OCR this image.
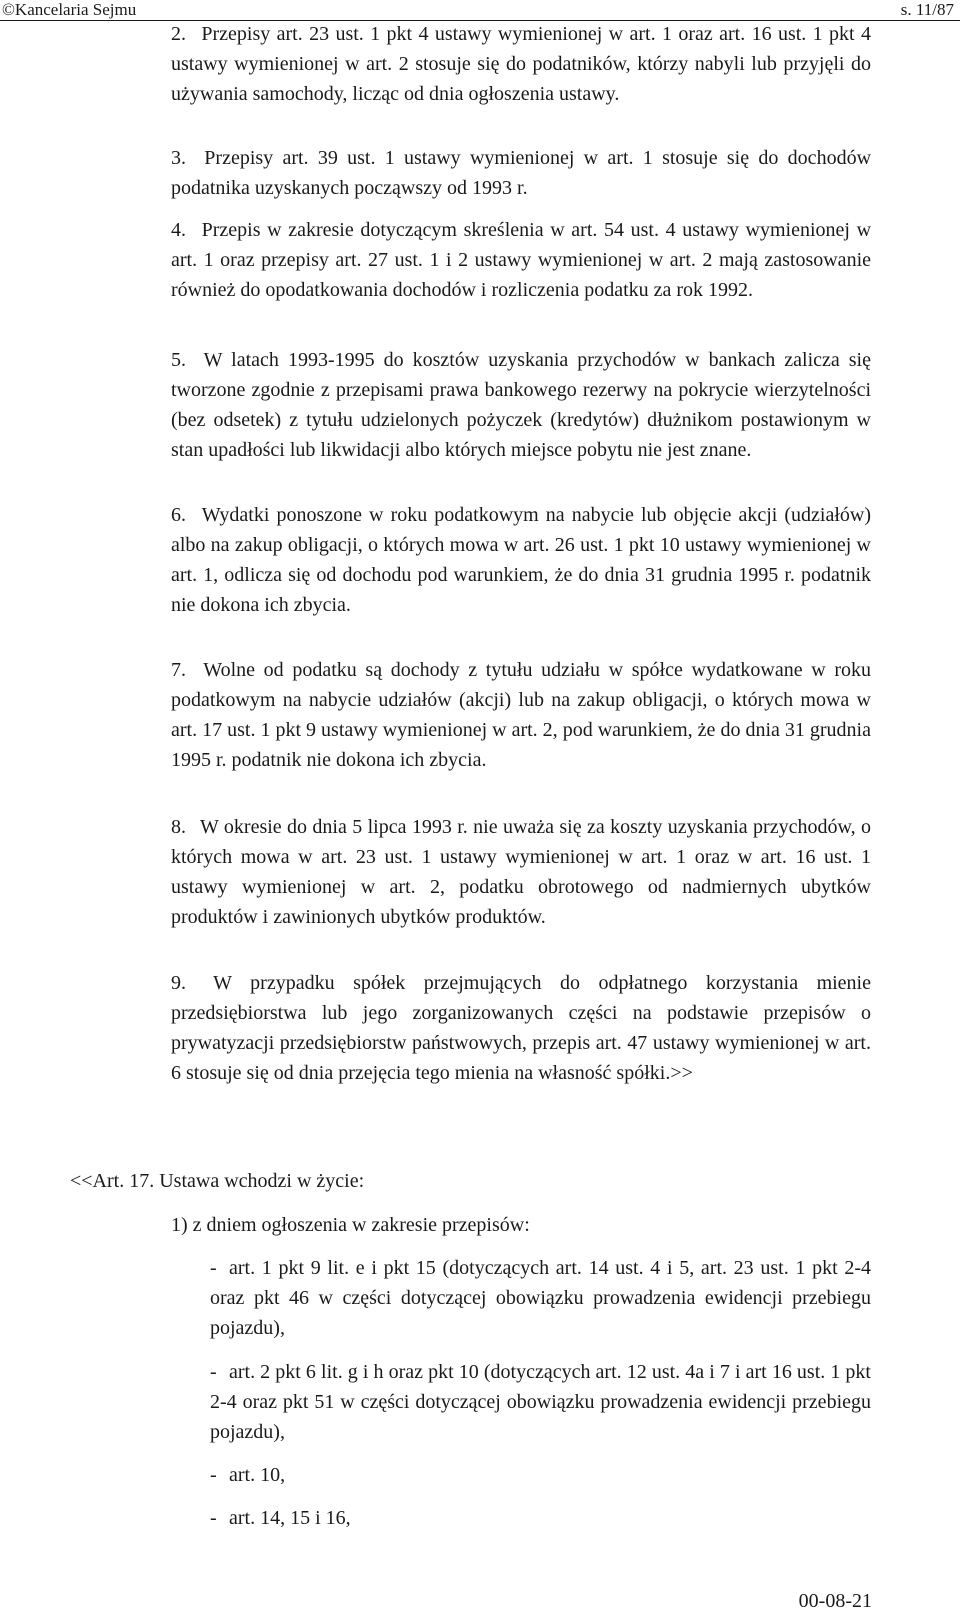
©Kancelaria Sejmu	s. 11/87

2. Przepisy art. 23 ust. 1 pkt 4 ustawy wymienionej w art. 1 oraz art. 16 ust. 1 pkt 4 ustawy wymienionej w art. 2 stosuje się do podatników, którzy nabyli lub przyjęli do używania samochody, licząc od dnia ogłoszenia ustawy.

3. Przepisy art. 39 ust. 1 ustawy wymienionej w art. 1 stosuje się do dochodów podatnika uzyskanych począwszy od 1993 r.

4. Przepis w zakresie dotyczącym skreślenia w art. 54 ust. 4 ustawy wymienionej w art. 1 oraz przepisy art. 27 ust. 1 i 2 ustawy wymienionej w art. 2 mają zastosowanie również do opodatkowania dochodów i rozliczenia podatku za rok 1992.

5. W latach 1993-1995 do kosztów uzyskania przychodów w bankach zalicza się tworzone zgodnie z przepisami prawa bankowego rezerwy na pokrycie wierzytelności (bez odsetek) z tytułu udzielonych pożyczek (kredytów) dłużnikom postawionym w stan upadłości lub likwidacji albo których miejsce pobytu nie jest znane.

6. Wydatki ponoszone w roku podatkowym na nabycie lub objęcie akcji (udziałów) albo na zakup obligacji, o których mowa w art. 26 ust. 1 pkt 10 ustawy wymienionej w art. 1, odlicza się od dochodu pod warunkiem, że do dnia 31 grudnia 1995 r. podatnik nie dokona ich zbycia.

7. Wolne od podatku są dochody z tytułu udziału w spółce wydatkowane w roku podatkowym na nabycie udziałów (akcji) lub na zakup obligacji, o których mowa w art. 17 ust. 1 pkt 9 ustawy wymienionej w art. 2, pod warunkiem, że do dnia 31 grudnia 1995 r. podatnik nie dokona ich zbycia.

8. W okresie do dnia 5 lipca 1993 r. nie uważa się za koszty uzyskania przychodów, o których mowa w art. 23 ust. 1 ustawy wymienionej w art. 1 oraz w art. 16 ust. 1 ustawy wymienionej w art. 2, podatku obrotowego od nadmiernych ubytków produktów i zawinionych ubytków produktów.

9. W przypadku spółek przejmujących do odpłatnego korzystania mienie przedsiębiorstwa lub jego zorganizowanych części na podstawie przepisów o prywatyzacji przedsiębiorstw państwowych, przepis art. 47 ustawy wymienionej w art. 6 stosuje się od dnia przejęcia tego mienia na własność spółki.>>

<<Art. 17. Ustawa wchodzi w życie:

1) z dniem ogłoszenia w zakresie przepisów:

- art. 1 pkt 9 lit. e i pkt 15 (dotyczących art. 14 ust. 4 i 5, art. 23 ust. 1 pkt 2-4 oraz pkt 46 w części dotyczącej obowiązku prowadzenia ewidencji przebiegu pojazdu),

- art. 2 pkt 6 lit. g i h oraz pkt 10 (dotyczących art. 12 ust. 4a i 7 i art 16 ust. 1 pkt 2-4 oraz pkt 51 w części dotyczącej obowiązku prowadzenia ewidencji przebiegu pojazdu),

- art. 10,

- art. 14, 15 i 16,

00-08-21
